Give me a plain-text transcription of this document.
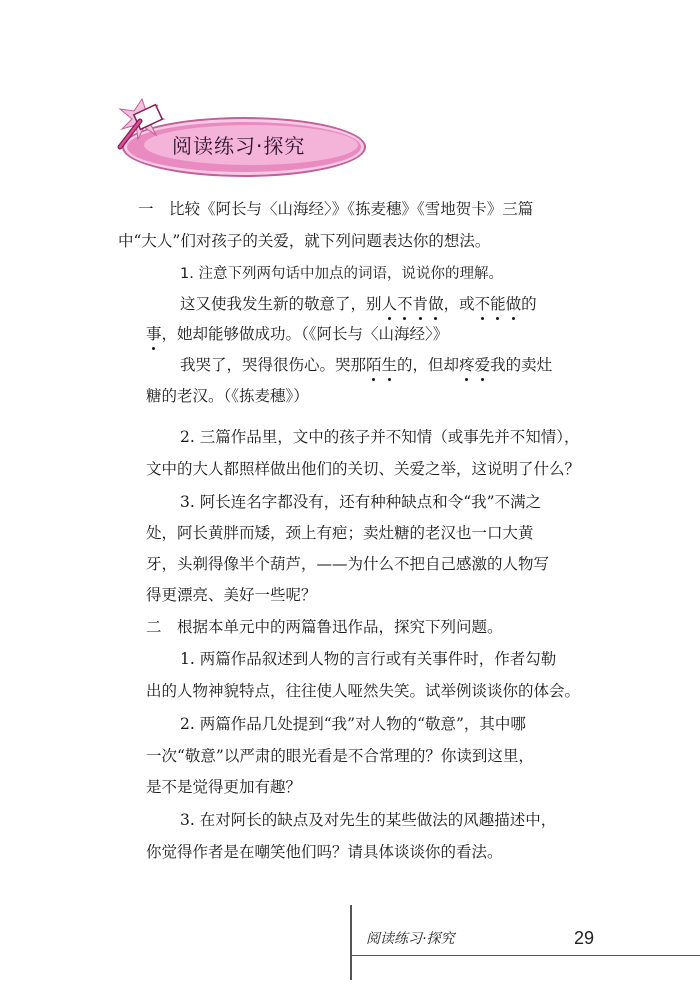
阅读练习·探究
一　比较《阿长与〈山海经〉》《拣麦穗》《雪地贺卡》三篇
中“大人”们对孩子的关爱，就下列问题表达你的想法。
1. 注意下列两句话中加点的词语，说说你的理解。
这又使我发生新的敬意了，别人不肯做，或不能做的
事，她却能够做成功。（《阿长与〈山海经〉》
我哭了，哭得很伤心。哭那陌生的，但却疼爱我的卖灶
糖的老汉。（《拣麦穗》）
2. 三篇作品里，文中的孩子并不知情（或事先并不知情），
文中的大人都照样做出他们的关切、关爱之举，这说明了什么？
3. 阿长连名字都没有，还有种种缺点和令“我”不满之
处，阿长黄胖而矮，颈上有疤；卖灶糖的老汉也一口大黄
牙，头剃得像半个葫芦，——为什么不把自己感激的人物写
得更漂亮、美好一些呢？
二　根据本单元中的两篇鲁迅作品，探究下列问题。
1. 两篇作品叙述到人物的言行或有关事件时，作者勾勒
出的人物神貌特点，往往使人哑然失笑。试举例谈谈你的体会。
2. 两篇作品几处提到“我”对人物的“敬意”，其中哪
一次“敬意”以严肃的眼光看是不合常理的？你读到这里，
是不是觉得更加有趣？
3. 在对阿长的缺点及对先生的某些做法的风趣描述中，
你觉得作者是在嘲笑他们吗？请具体谈谈你的看法。
阅读练习·探究	29
